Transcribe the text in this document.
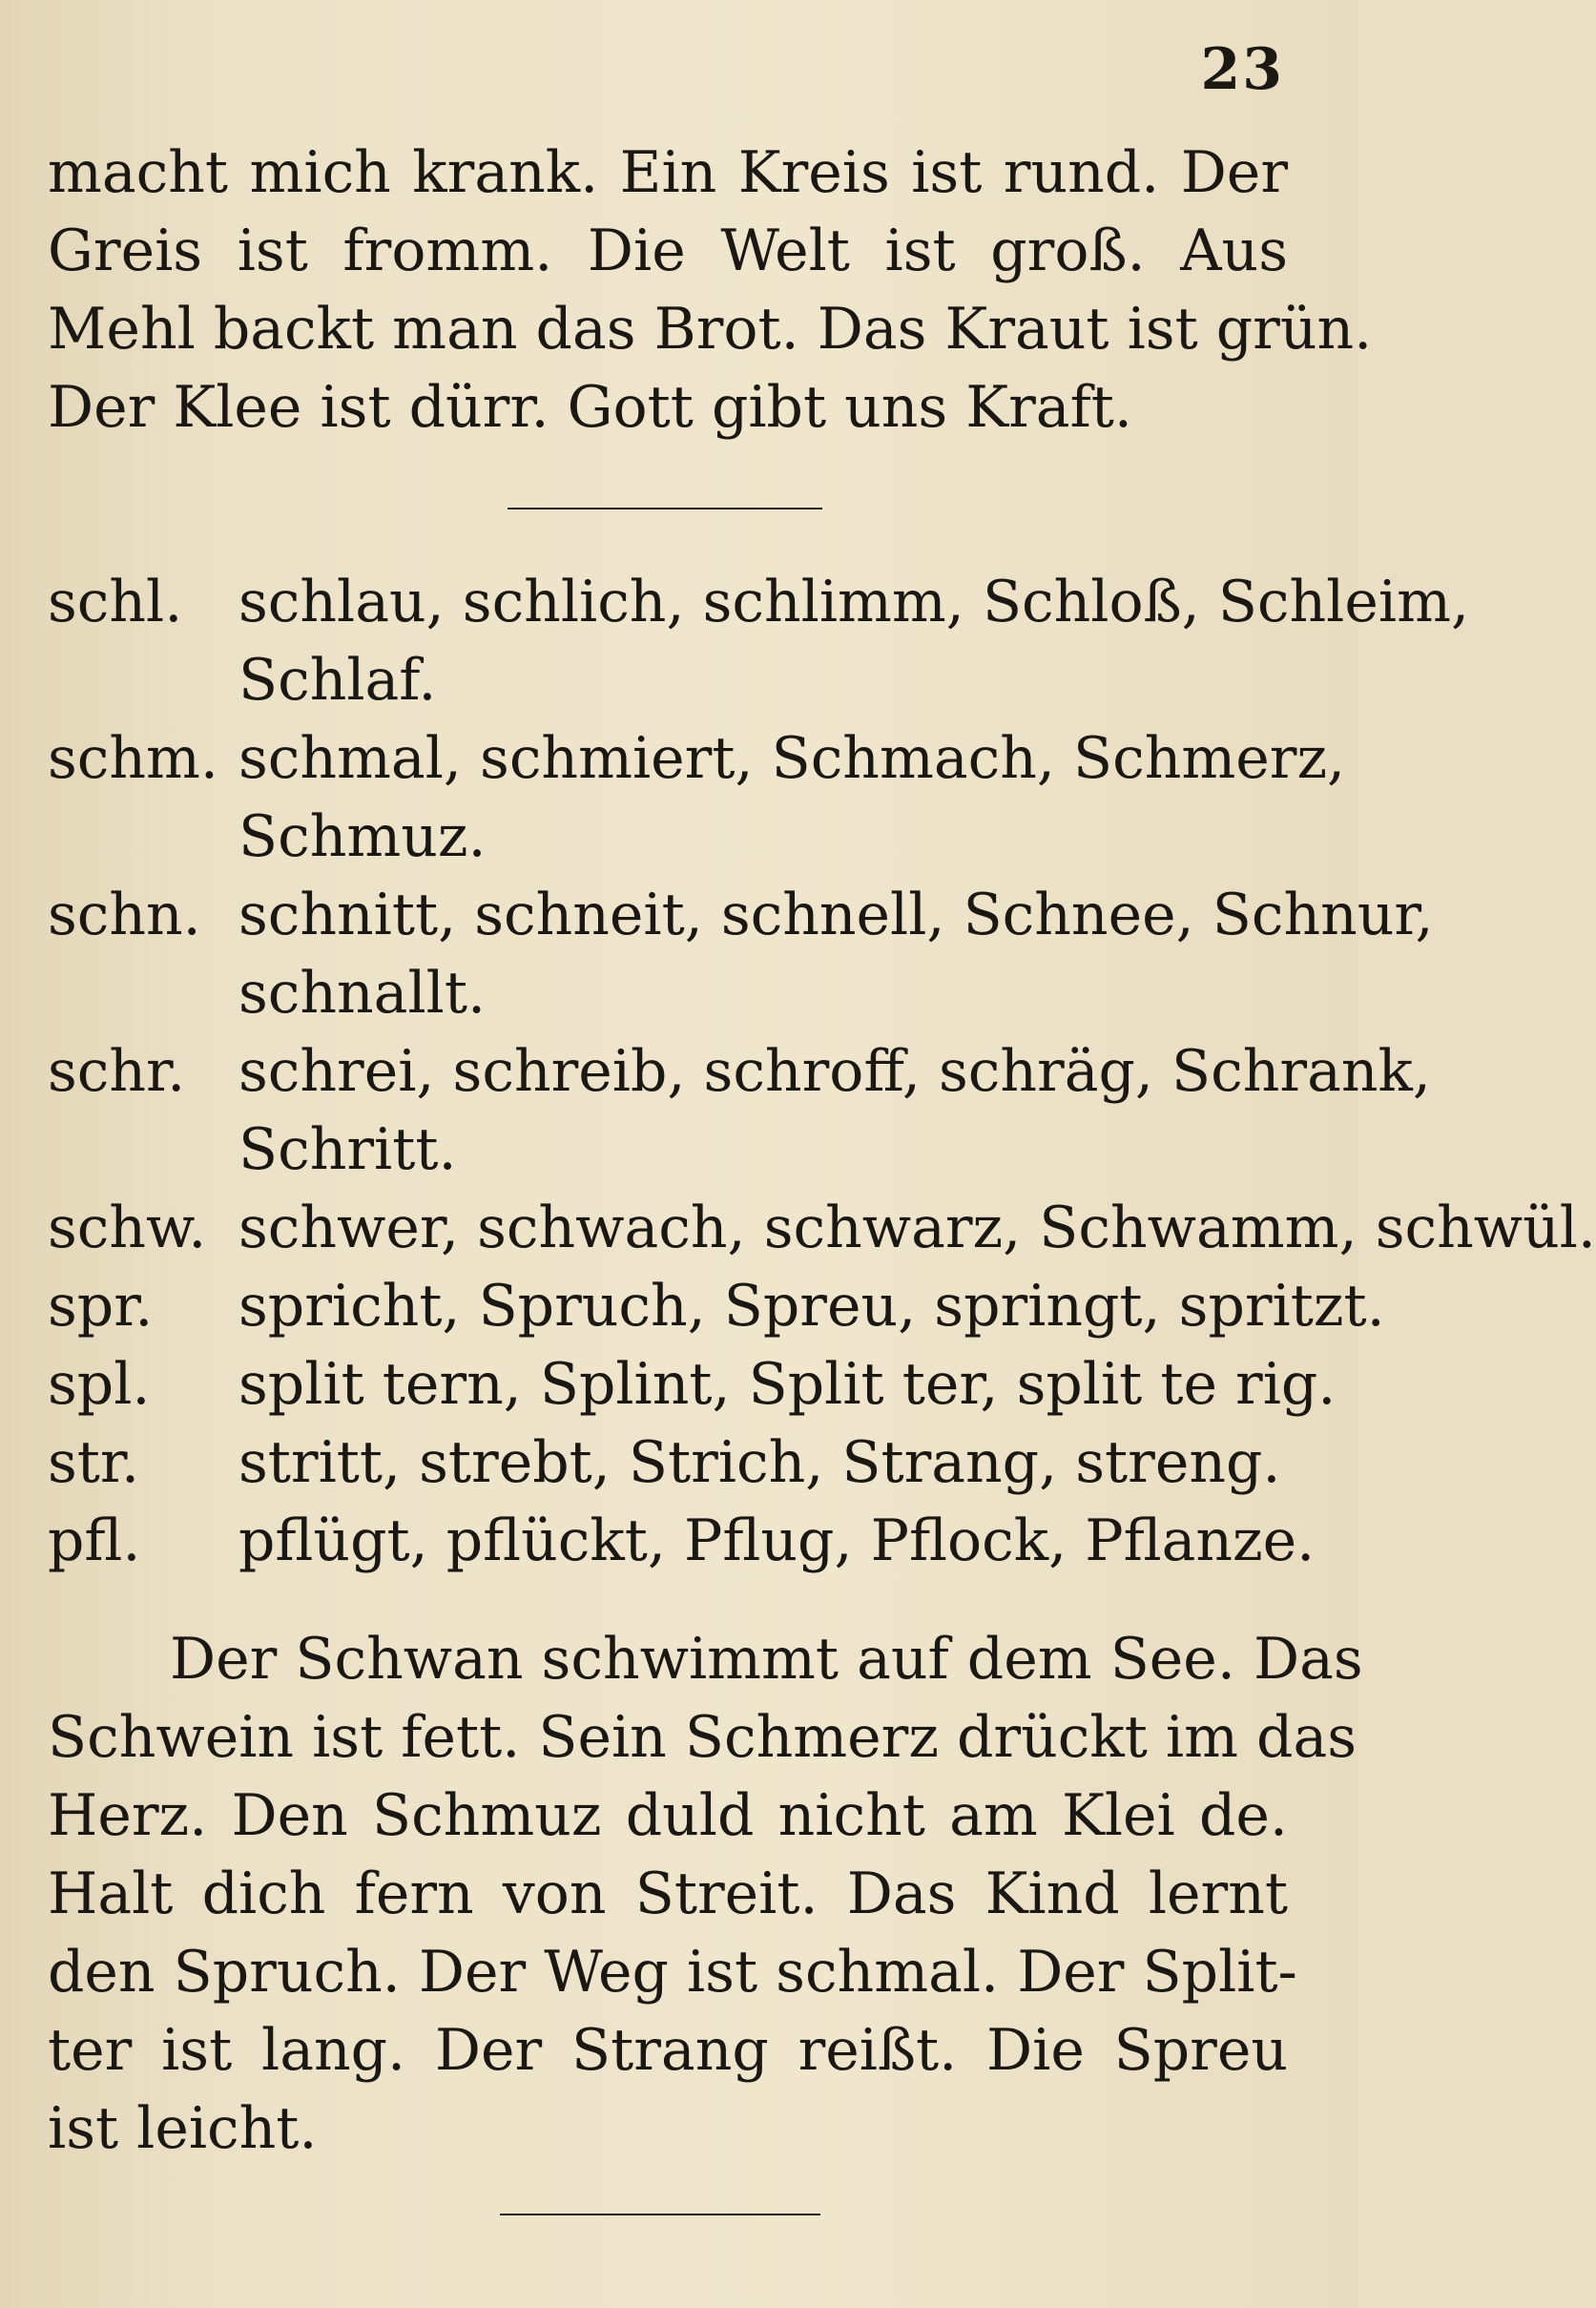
23

macht mich krank. Ein Kreis ist rund. Der
Greis ist fromm. Die Welt ist groß. Aus
Mehl backt man das Brot. Das Kraut ist grün.
Der Klee ist dürr. Gott gibt uns Kraft.

schl. schlau, schlich, schlimm, Schloß, Schleim,
Schlaf.
schm. schmal, schmiert, Schmach, Schmerz,
Schmuz.
schn. schnitt, schneit, schnell, Schnee, Schnur,
schnallt.
schr. schrei, schreib, schroff, schräg, Schrank,
Schritt.
schw. schwer, schwach, schwarz, Schwamm, schwül.
spr.	spricht, Spruch, Spreu, springt, spritzt.
spl.	split tern, Splint, Split ter, split te rig.
str.	stritt, strebt, Strich, Strang, streng.
pfl.	pflügt, pflückt, Pflug, Pflock, Pflanze.

Der Schwan schwimmt auf dem See. Das
Schwein ist fett. Sein Schmerz drückt im das
Herz. Den Schmuz duld nicht am Klei de.
Halt dich fern von Streit. Das Kind lernt
den Spruch. Der Weg ist schmal. Der Split-
ter ist lang. Der Strang reißt. Die Spreu
ist leicht.
